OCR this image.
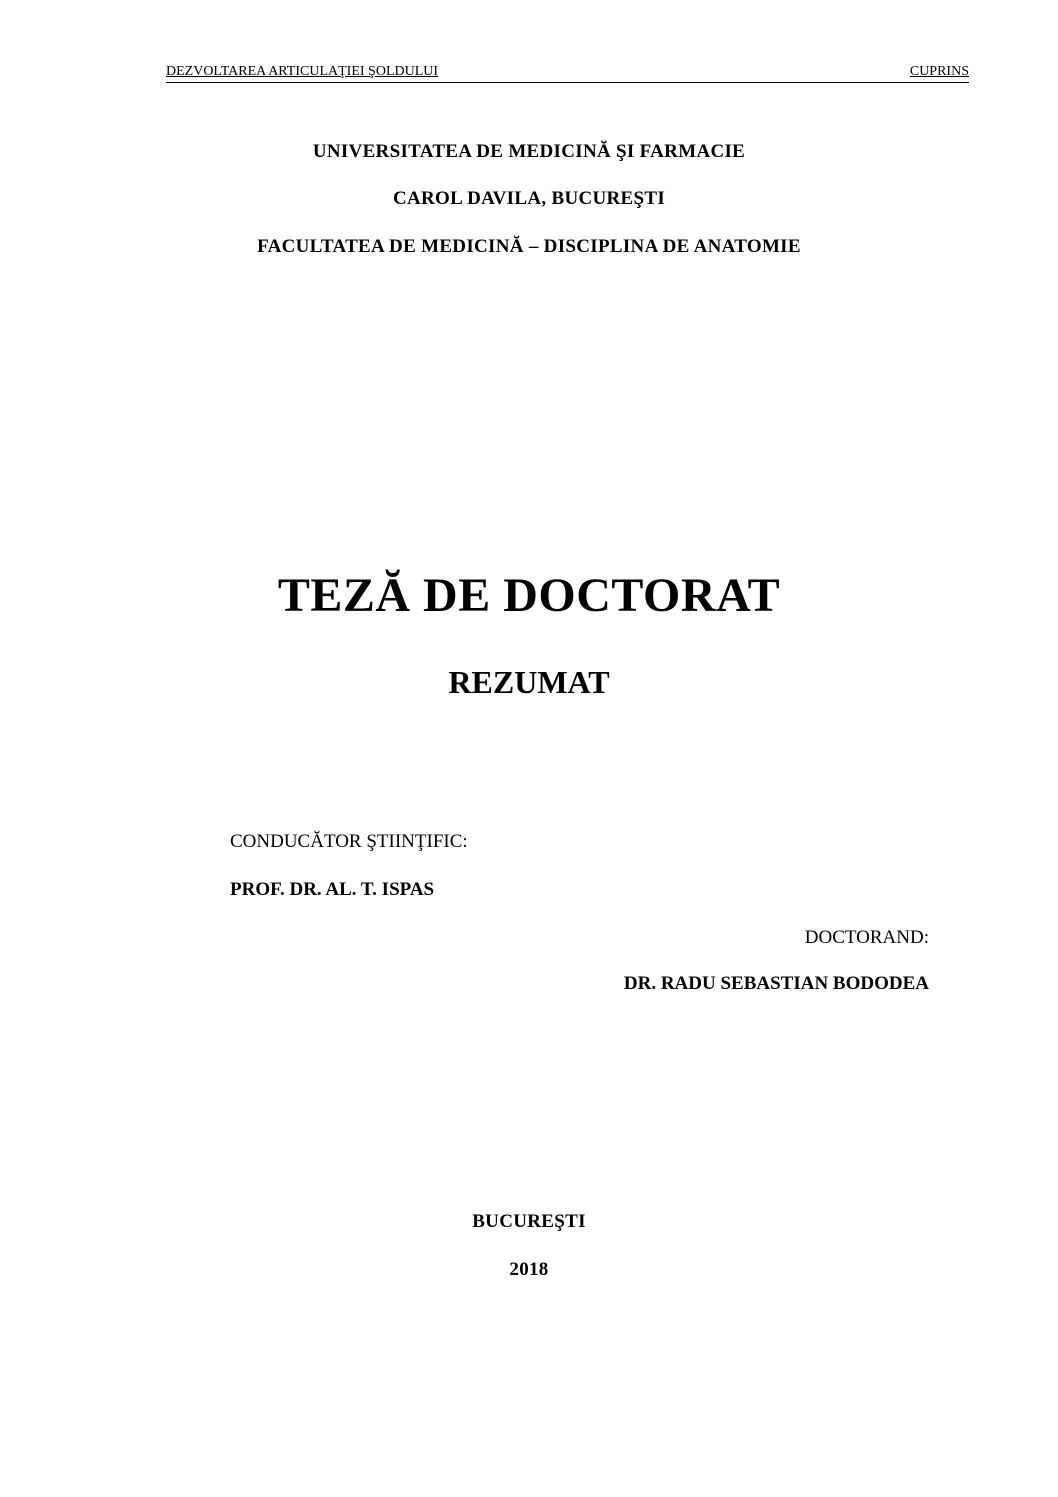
DEZVOLTAREA ARTICULAŢIEI ŞOLDULUI	CUPRINS
UNIVERSITATEA DE MEDICINĂ ŞI FARMACIE
CAROL DAVILA, BUCUREŞTI
FACULTATEA DE MEDICINĂ – DISCIPLINA DE ANATOMIE
TEZĂ DE DOCTORAT
REZUMAT
CONDUCĂTOR ŞTIINŢIFIC:
PROF. DR. AL. T. ISPAS
DOCTORAND:
DR. RADU SEBASTIAN BODODEA
BUCUREŞTI
2018
